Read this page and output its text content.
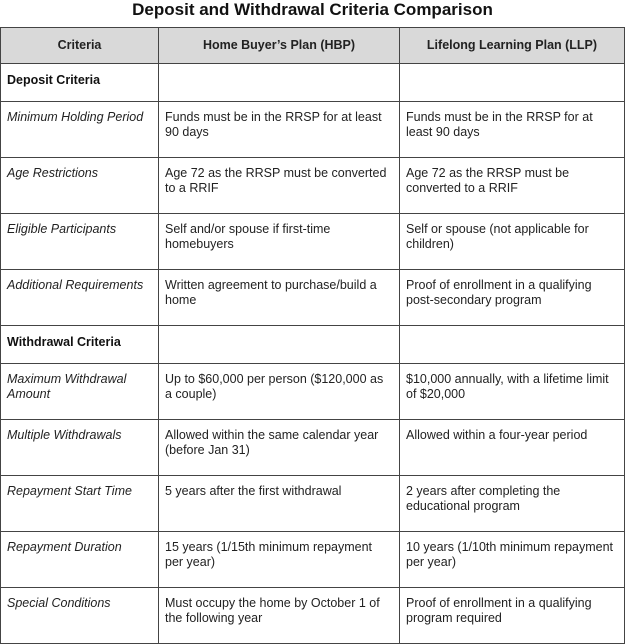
Deposit and Withdrawal Criteria Comparison
Criteria	Home Buyer’s Plan (HBP)	Lifelong Learning Plan (LLP)
Deposit Criteria		
Minimum Holding Period	Funds must be in the RRSP for at least 90 days	Funds must be in the RRSP for at least 90 days
Age Restrictions	Age 72 as the RRSP must be converted to a RRIF	Age 72 as the RRSP must be converted to a RRIF
Eligible Participants	Self and/or spouse if first-time homebuyers	Self or spouse (not applicable for children)
Additional Requirements	Written agreement to purchase/build a home	Proof of enrollment in a qualifying post-secondary program
Withdrawal Criteria		
Maximum Withdrawal Amount	Up to $60,000 per person ($120,000 as a couple)	$10,000 annually, with a lifetime limit of $20,000
Multiple Withdrawals	Allowed within the same calendar year (before Jan 31)	Allowed within a four-year period
Repayment Start Time	5 years after the first withdrawal	2 years after completing the educational program
Repayment Duration	15 years (1/15th minimum repayment per year)	10 years (1/10th minimum repayment per year)
Special Conditions	Must occupy the home by October 1 of the following year	Proof of enrollment in a qualifying program required
